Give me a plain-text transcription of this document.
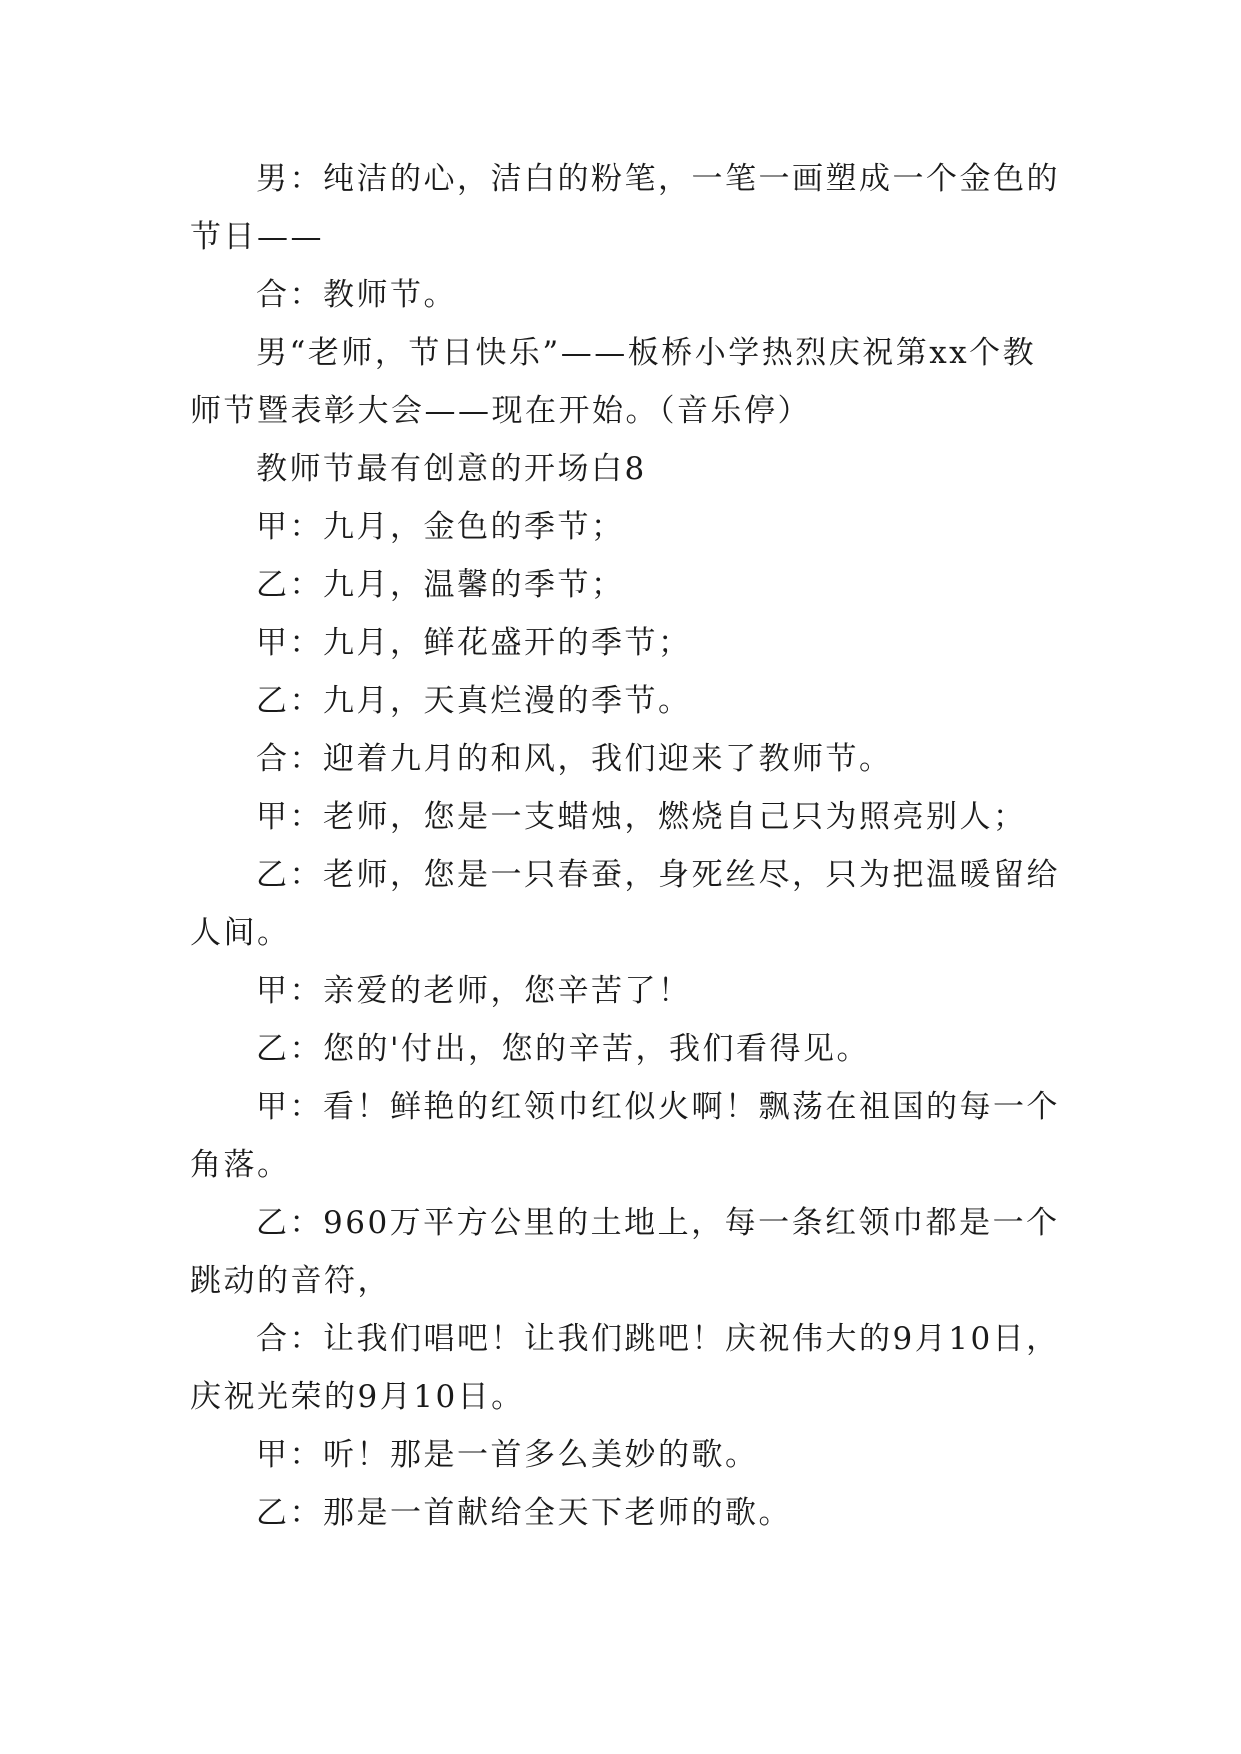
男：纯洁的心，洁白的粉笔，一笔一画塑成一个金色的节日——

合：教师节。

男“老师，节日快乐”——板桥小学热烈庆祝第xx个教师节暨表彰大会——现在开始。（音乐停）

教师节最有创意的开场白8

甲：九月，金色的季节；

乙：九月，温馨的季节；

甲：九月，鲜花盛开的季节；

乙：九月，天真烂漫的季节。

合：迎着九月的和风，我们迎来了教师节。

甲：老师，您是一支蜡烛，燃烧自己只为照亮别人；

乙：老师，您是一只春蚕，身死丝尽，只为把温暖留给人间。

甲：亲爱的老师，您辛苦了！

乙：您的'付出，您的辛苦，我们看得见。

甲：看！鲜艳的红领巾红似火啊！飘荡在祖国的每一个角落。

乙：960万平方公里的土地上，每一条红领巾都是一个跳动的音符，

合：让我们唱吧！让我们跳吧！庆祝伟大的9月10日，庆祝光荣的9月10日。

甲：听！那是一首多么美妙的歌。

乙：那是一首献给全天下老师的歌。
